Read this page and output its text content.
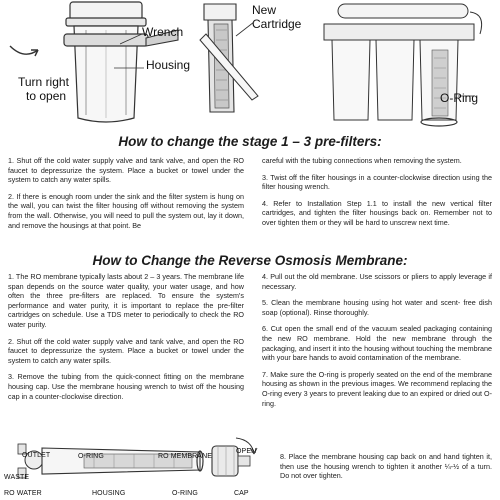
Wrench
Housing
Turn right
to open
New
Cartridge
O-Ring
How to change the stage 1 – 3 pre-filters:

1. Shut off the cold water supply valve and tank valve, and open the RO faucet to depressurize the system. Place a bucket or towel under the system to catch any water spills.

2. If there is enough room under the sink and the filter system is hung on the wall, you can twist the filter housing off without removing the system from the wall. Otherwise, you will need to pull the system out, lay it down, and remove the housings at that point. Be

careful with the tubing connections when removing the system.

3. Twist off the filter housings in a counter-clockwise direction using the filter housing wrench.

4. Refer to Installation Step 1.1 to install the new vertical filter cartridges, and tighten the filter housings back on. Remember not to over tighten them or they will be hard to unscrew next time.

How to Change the Reverse Osmosis Membrane:

1. The RO membrane typically lasts about 2 – 3 years. The membrane life span depends on the source water quality, your water usage, and how often the three pre-filters are replaced. To ensure the system's performance and water purity, it is important to replace the pre-filter cartridges on schedule. Use a TDS meter to periodically to check the RO water purity.

2. Shut off the cold water supply valve and tank valve, and open the RO faucet to depressurize the system. Place a bucket or towel under the system to catch any water spills.

3. Remove the tubing from the quick-connect fitting on the membrane housing cap. Use the membrane housing wrench to twist off the housing cap in a counter-clockwise direction.

4. Pull out the old membrane. Use scissors or pliers to apply leverage if necessary.

5. Clean the membrane housing using hot water and scent- free dish soap (optional). Rinse thoroughly.

6. Cut open the small end of the vacuum sealed packaging containing the new RO membrane. Hold the new membrane through the packaging, and insert it into the housing without touching the membrane with your bare hands to avoid contamination of the membrane.

7. Make sure the O-ring is properly seated on the end of the membrane housing as shown in the previous images. We recommend replacing the O-ring every 3 years to prevent leaking due to an expired or dried out O-ring.

8. Place the membrane housing cap back on and hand tighten it, then use the housing wrench to tighten it another ¼-½ of a turn. Do not over tighten.

OUTLET	O-RING	RO MEMBRANE
OPEN
WASTE
RO WATER	HOUSING	O-RING	CAP
